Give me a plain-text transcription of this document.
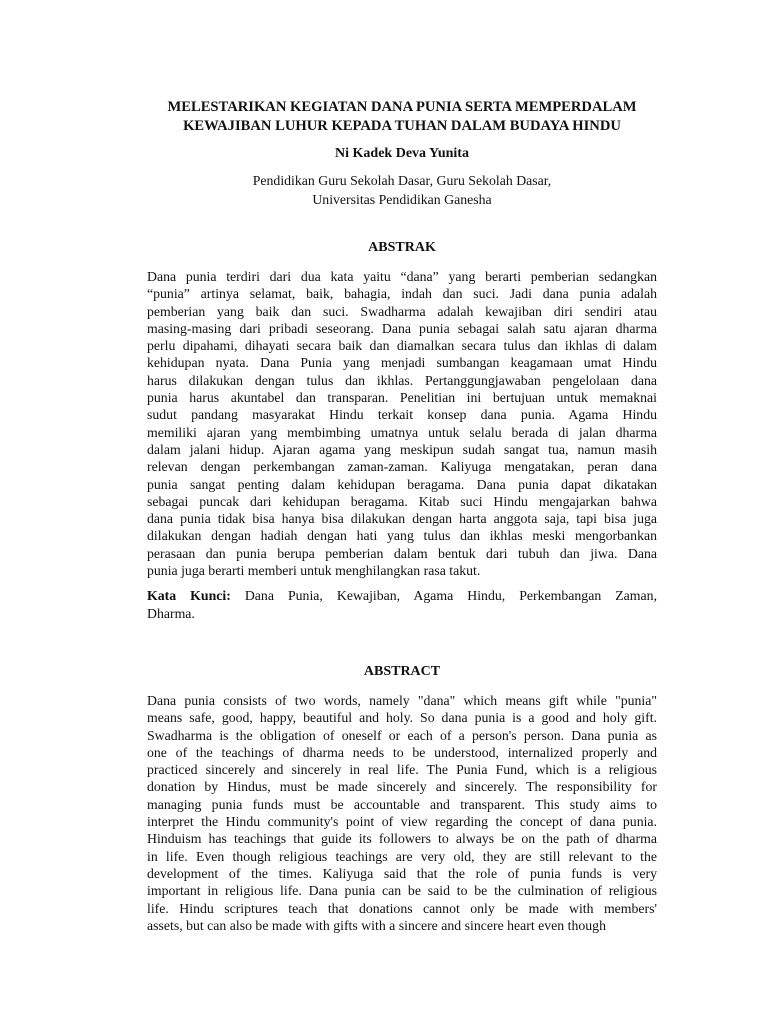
MELESTARIKAN KEGIATAN DANA PUNIA SERTA MEMPERDALAM
KEWAJIBAN LUHUR KEPADA TUHAN DALAM BUDAYA HINDU

Ni Kadek Deva Yunita

Pendidikan Guru Sekolah Dasar, Guru Sekolah Dasar,
Universitas Pendidikan Ganesha

ABSTRAK

Dana punia terdiri dari dua kata yaitu “dana” yang berarti pemberian sedangkan
“punia” artinya selamat, baik, bahagia, indah dan suci. Jadi dana punia adalah
pemberian yang baik dan suci. Swadharma adalah kewajiban diri sendiri atau
masing-masing dari pribadi seseorang. Dana punia sebagai salah satu ajaran dharma
perlu dipahami, dihayati secara baik dan diamalkan secara tulus dan ikhlas di dalam
kehidupan nyata. Dana Punia yang menjadi sumbangan keagamaan umat Hindu
harus dilakukan dengan tulus dan ikhlas. Pertanggungjawaban pengelolaan dana
punia harus akuntabel dan transparan. Penelitian ini bertujuan untuk memaknai
sudut pandang masyarakat Hindu terkait konsep dana punia. Agama Hindu
memiliki ajaran yang membimbing umatnya untuk selalu berada di jalan dharma
dalam jalani hidup. Ajaran agama yang meskipun sudah sangat tua, namun masih
relevan dengan perkembangan zaman-zaman. Kaliyuga mengatakan, peran dana
punia sangat penting dalam kehidupan beragama. Dana punia dapat dikatakan
sebagai puncak dari kehidupan beragama. Kitab suci Hindu mengajarkan bahwa
dana punia tidak bisa hanya bisa dilakukan dengan harta anggota saja, tapi bisa juga
dilakukan dengan hadiah dengan hati yang tulus dan ikhlas meski mengorbankan
perasaan dan punia berupa pemberian dalam bentuk dari tubuh dan jiwa. Dana
punia juga berarti memberi untuk menghilangkan rasa takut.

Kata Kunci: Dana Punia, Kewajiban, Agama Hindu, Perkembangan Zaman,
Dharma.

ABSTRACT

Dana punia consists of two words, namely "dana" which means gift while "punia"
means safe, good, happy, beautiful and holy. So dana punia is a good and holy gift.
Swadharma is the obligation of oneself or each of a person's person. Dana punia as
one of the teachings of dharma needs to be understood, internalized properly and
practiced sincerely and sincerely in real life. The Punia Fund, which is a religious
donation by Hindus, must be made sincerely and sincerely. The responsibility for
managing punia funds must be accountable and transparent. This study aims to
interpret the Hindu community's point of view regarding the concept of dana punia.
Hinduism has teachings that guide its followers to always be on the path of dharma
in life. Even though religious teachings are very old, they are still relevant to the
development of the times. Kaliyuga said that the role of punia funds is very
important in religious life. Dana punia can be said to be the culmination of religious
life. Hindu scriptures teach that donations cannot only be made with members'
assets, but can also be made with gifts with a sincere and sincere heart even though
